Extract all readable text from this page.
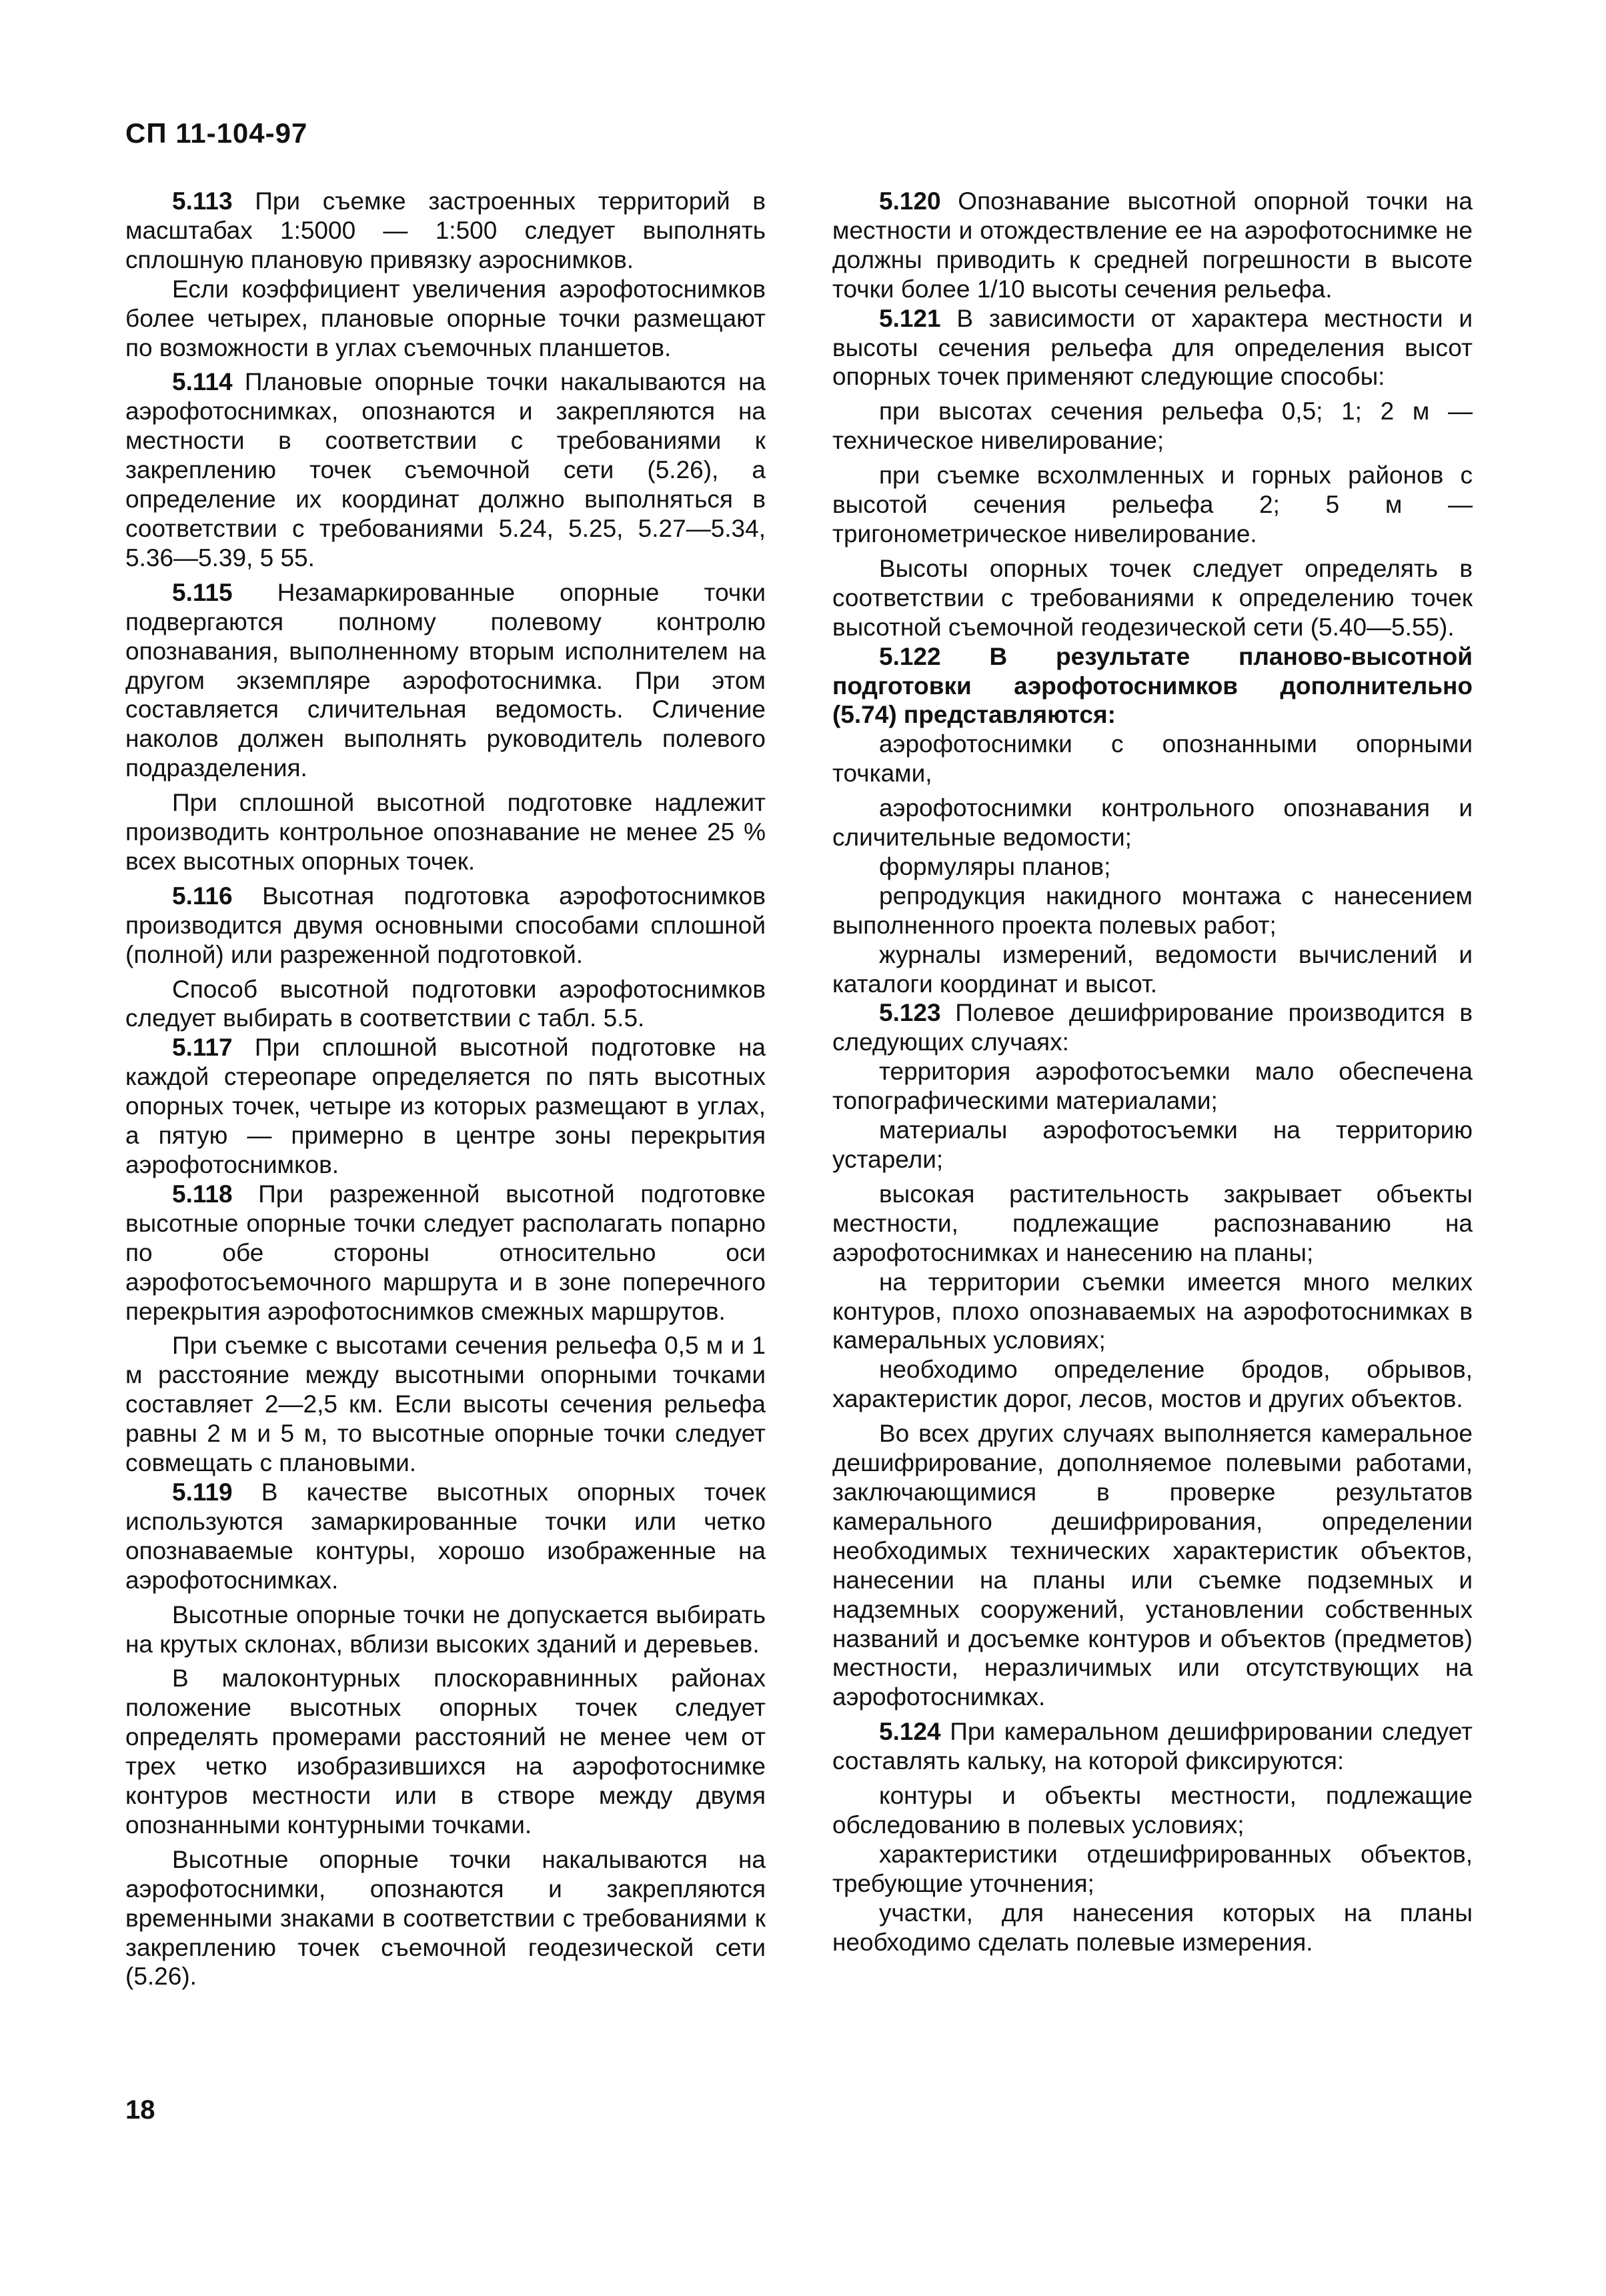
СП 11-104-97

5.113 При съемке застроенных территорий в масштабах 1:5000 — 1:500 следует выполнять сплошную плановую привязку аэроснимков.

Если коэффициент увеличения аэрофотоснимков более четырех, плановые опорные точки размещают по возможности в углах съемочных планшетов.

5.114 Плановые опорные точки накалываются на аэрофотоснимках, опознаются и закрепляются на местности в соответствии с требованиями к закреплению точек съемочной сети (5.26), а определение их координат должно выполняться в соответствии с требованиями 5.24, 5.25, 5.27—5.34, 5.36—5.39, 5 55.

5.115 Незамаркированные опорные точки подвергаются полному полевому контролю опознавания, выполненному вторым исполнителем на другом экземпляре аэрофотоснимка. При этом составляется сличительная ведомость. Сличение наколов должен выполнять руководитель полевого подразделения.

При сплошной высотной подготовке надлежит производить контрольное опознавание не менее 25 % всех высотных опорных точек.

5.116 Высотная подготовка аэрофотоснимков производится двумя основными способами сплошной (полной) или разреженной подготовкой.

Способ высотной подготовки аэрофотоснимков следует выбирать в соответствии с табл. 5.5.

5.117 При сплошной высотной подготовке на каждой стереопаре определяется по пять высотных опорных точек, четыре из которых размещают в углах, а пятую — примерно в центре зоны перекрытия аэрофотоснимков.

5.118 При разреженной высотной подготовке высотные опорные точки следует располагать попарно по обе стороны относительно оси аэрофотосъемочного маршрута и в зоне поперечного перекрытия аэрофотоснимков смежных маршрутов.

При съемке с высотами сечения рельефа 0,5 м и 1 м расстояние между высотными опорными точками составляет 2—2,5 км. Если высоты сечения рельефа равны 2 м и 5 м, то высотные опорные точки следует совмещать с плановыми.

5.119 В качестве высотных опорных точек используются замаркированные точки или четко опознаваемые контуры, хорошо изображенные на аэрофотоснимках.

Высотные опорные точки не допускается выбирать на крутых склонах, вблизи высоких зданий и деревьев.

В малоконтурных плоскоравнинных районах положение высотных опорных точек следует определять промерами расстояний не менее чем от трех четко изобразившихся на аэрофотоснимке контуров местности или в створе между двумя опознанными контурными точками.

Высотные опорные точки накалываются на аэрофотоснимки, опознаются и закрепляются временными знаками в соответствии с требованиями к закреплению точек съемочной геодезической сети (5.26).

5.120 Опознавание высотной опорной точки на местности и отождествление ее на аэрофотоснимке не должны приводить к средней погрешности в высоте точки более 1/10 высоты сечения рельефа.

5.121 В зависимости от характера местности и высоты сечения рельефа для определения высот опорных точек применяют следующие способы:

при высотах сечения рельефа 0,5; 1; 2 м — техническое нивелирование;

при съемке всхолмленных и горных районов с высотой сечения рельефа 2; 5 м — тригонометрическое нивелирование.

Высоты опорных точек следует определять в соответствии с требованиями к определению точек высотной съемочной геодезической сети (5.40—5.55).

5.122 В результате планово-высотной подготовки аэрофотоснимков дополнительно (5.74) представляются:

аэрофотоснимки с опознанными опорными точками,

аэрофотоснимки контрольного опознавания и сличительные ведомости;

формуляры планов;

репродукция накидного монтажа с нанесением выполненного проекта полевых работ;

журналы измерений, ведомости вычислений и каталоги координат и высот.

5.123 Полевое дешифрирование производится в следующих случаях:

территория аэрофотосъемки мало обеспечена топографическими материалами;

материалы аэрофотосъемки на территорию устарели;

высокая растительность закрывает объекты местности, подлежащие распознаванию на аэрофотоснимках и нанесению на планы;

на территории съемки имеется много мелких контуров, плохо опознаваемых на аэрофотоснимках в камеральных условиях;

необходимо определение бродов, обрывов, характеристик дорог, лесов, мостов и других объектов.

Во всех других случаях выполняется камеральное дешифрирование, дополняемое полевыми работами, заключающимися в проверке результатов камерального дешифрирования, определении необходимых технических характеристик объектов, нанесении на планы или съемке подземных и надземных сооружений, установлении собственных названий и досъемке контуров и объектов (предметов) местности, неразличимых или отсутствующих на аэрофотоснимках.

5.124 При камеральном дешифрировании следует составлять кальку, на которой фиксируются:

контуры и объекты местности, подлежащие обследованию в полевых условиях;

характеристики отдешифрированных объектов, требующие уточнения;

участки, для нанесения которых на планы необходимо сделать полевые измерения.

18
